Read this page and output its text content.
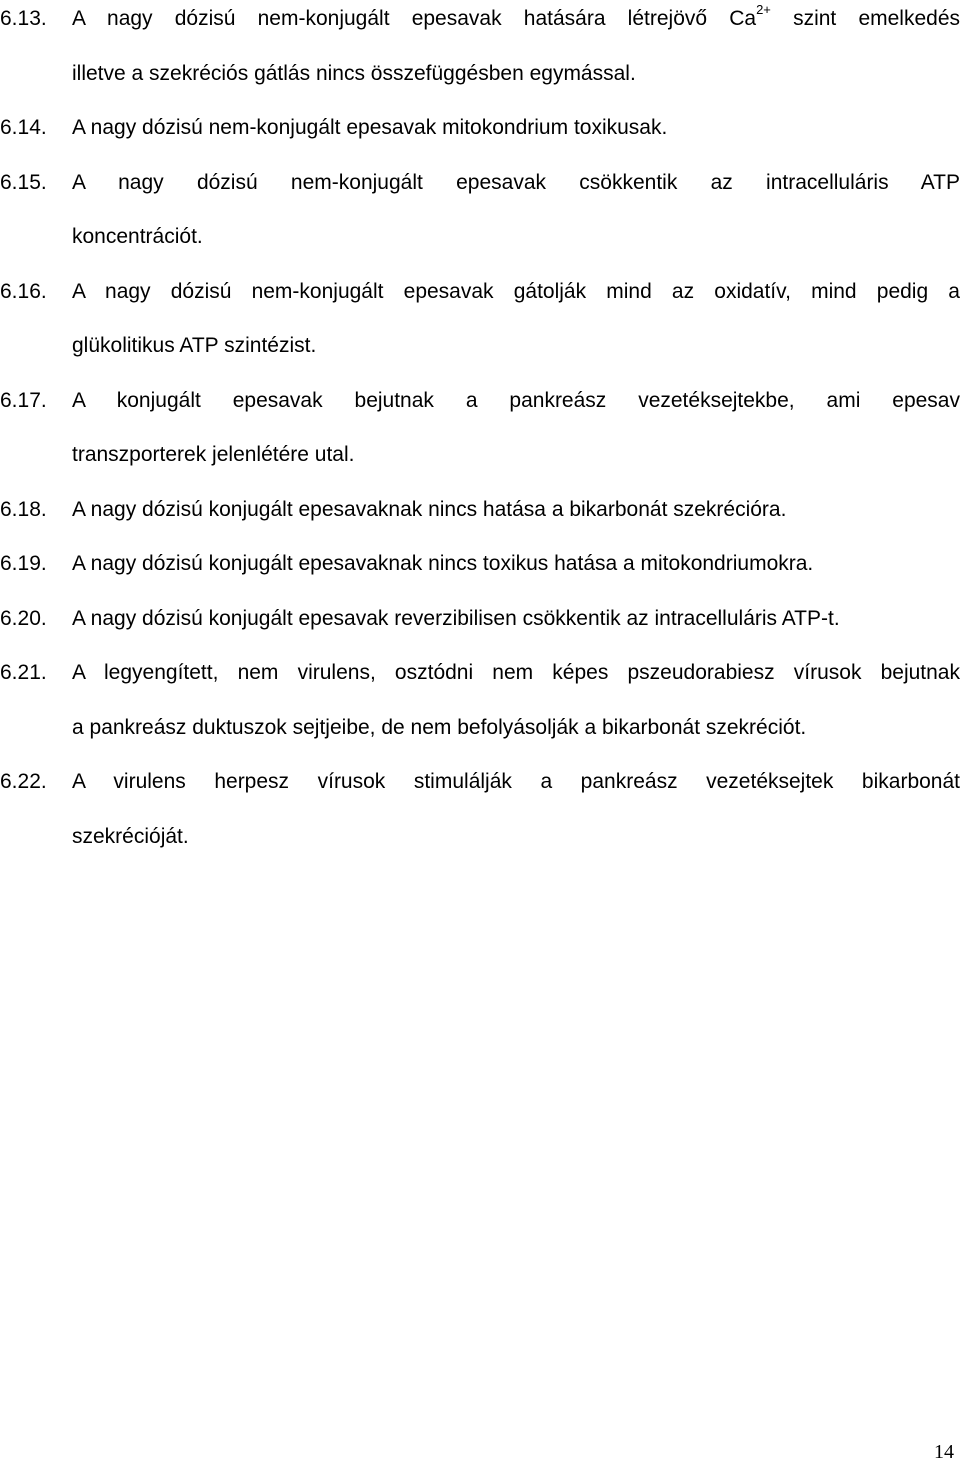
6.13.	A nagy dózisú nem-konjugált epesavak hatására létrejövő $Ca^{2+}$ szint emelkedés
illetve a szekréciós gátlás nincs összefüggésben egymással.
6.14.	A nagy dózisú nem-konjugált epesavak mitokondrium toxikusak.
6.15.	A nagy dózisú nem-konjugált epesavak csökkentik az intracelluláris ATP
koncentrációt.
6.16.	A nagy dózisú nem-konjugált epesavak gátolják mind az oxidatív, mind pedig a
glükolitikus ATP szintézist.
6.17.	A konjugált epesavak bejutnak a pankreász vezetéksejtekbe, ami epesav
transzporterek jelenlétére utal.
6.18.	A nagy dózisú konjugált epesavaknak nincs hatása a bikarbonát szekrécióra.
6.19.	A nagy dózisú konjugált epesavaknak nincs toxikus hatása a mitokondriumokra.
6.20.	A nagy dózisú konjugált epesavak reverzibilisen csökkentik az intracelluláris ATP-t.
6.21.	A legyengített, nem virulens, osztódni nem képes pszeudorabiesz vírusok bejutnak
a pankreász duktuszok sejtjeibe, de nem befolyásolják a bikarbonát szekréciót.
6.22.	A virulens herpesz vírusok stimulálják a pankreász vezetéksejtek bikarbonát
szekrécióját.
14
